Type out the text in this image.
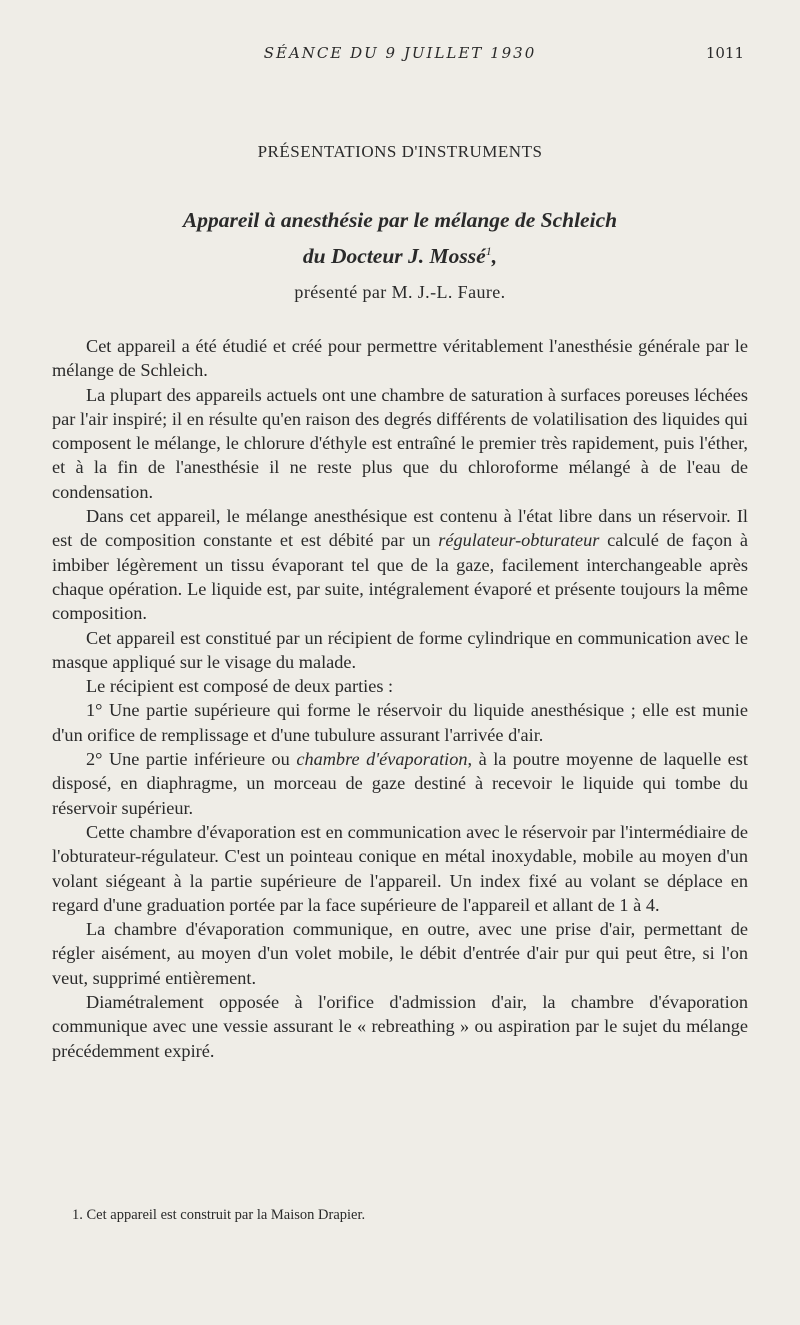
SÉANCE DU 9 JUILLET 1930	1011
PRÉSENTATIONS D'INSTRUMENTS
Appareil à anesthésie par le mélange de Schleich
du Docteur J. Mossé$^1$,
présenté par M. J.-L. Faure.

Cet appareil a été étudié et créé pour permettre véritablement l'anesthésie générale par le mélange de Schleich.

La plupart des appareils actuels ont une chambre de saturation à surfaces poreuses léchées par l'air inspiré; il en résulte qu'en raison des degrés différents de volatilisation des liquides qui composent le mélange, le chlorure d'éthyle est entraîné le premier très rapidement, puis l'éther, et à la fin de l'anesthésie il ne reste plus que du chloroforme mélangé à de l'eau de condensation.

Dans cet appareil, le mélange anesthésique est contenu à l'état libre dans un réservoir. Il est de composition constante et est débité par un régulateur-obturateur calculé de façon à imbiber légèrement un tissu évaporant tel que de la gaze, facilement interchangeable après chaque opération. Le liquide est, par suite, intégralement évaporé et présente toujours la même composition.

Cet appareil est constitué par un récipient de forme cylindrique en communication avec le masque appliqué sur le visage du malade.

Le récipient est composé de deux parties :

1° Une partie supérieure qui forme le réservoir du liquide anesthésique ; elle est munie d'un orifice de remplissage et d'une tubulure assurant l'arrivée d'air.

2° Une partie inférieure ou chambre d'évaporation, à la poutre moyenne de laquelle est disposé, en diaphragme, un morceau de gaze destiné à recevoir le liquide qui tombe du réservoir supérieur.

Cette chambre d'évaporation est en communication avec le réservoir par l'intermédiaire de l'obturateur-régulateur. C'est un pointeau conique en métal inoxydable, mobile au moyen d'un volant siégeant à la partie supérieure de l'appareil. Un index fixé au volant se déplace en regard d'une graduation portée par la face supérieure de l'appareil et allant de 1 à 4.

La chambre d'évaporation communique, en outre, avec une prise d'air, permettant de régler aisément, au moyen d'un volet mobile, le débit d'entrée d'air pur qui peut être, si l'on veut, supprimé entièrement.

Diamétralement opposée à l'orifice d'admission d'air, la chambre d'évaporation communique avec une vessie assurant le « rebreathing » ou aspiration par le sujet du mélange précédemment expiré.

1. Cet appareil est construit par la Maison Drapier.
